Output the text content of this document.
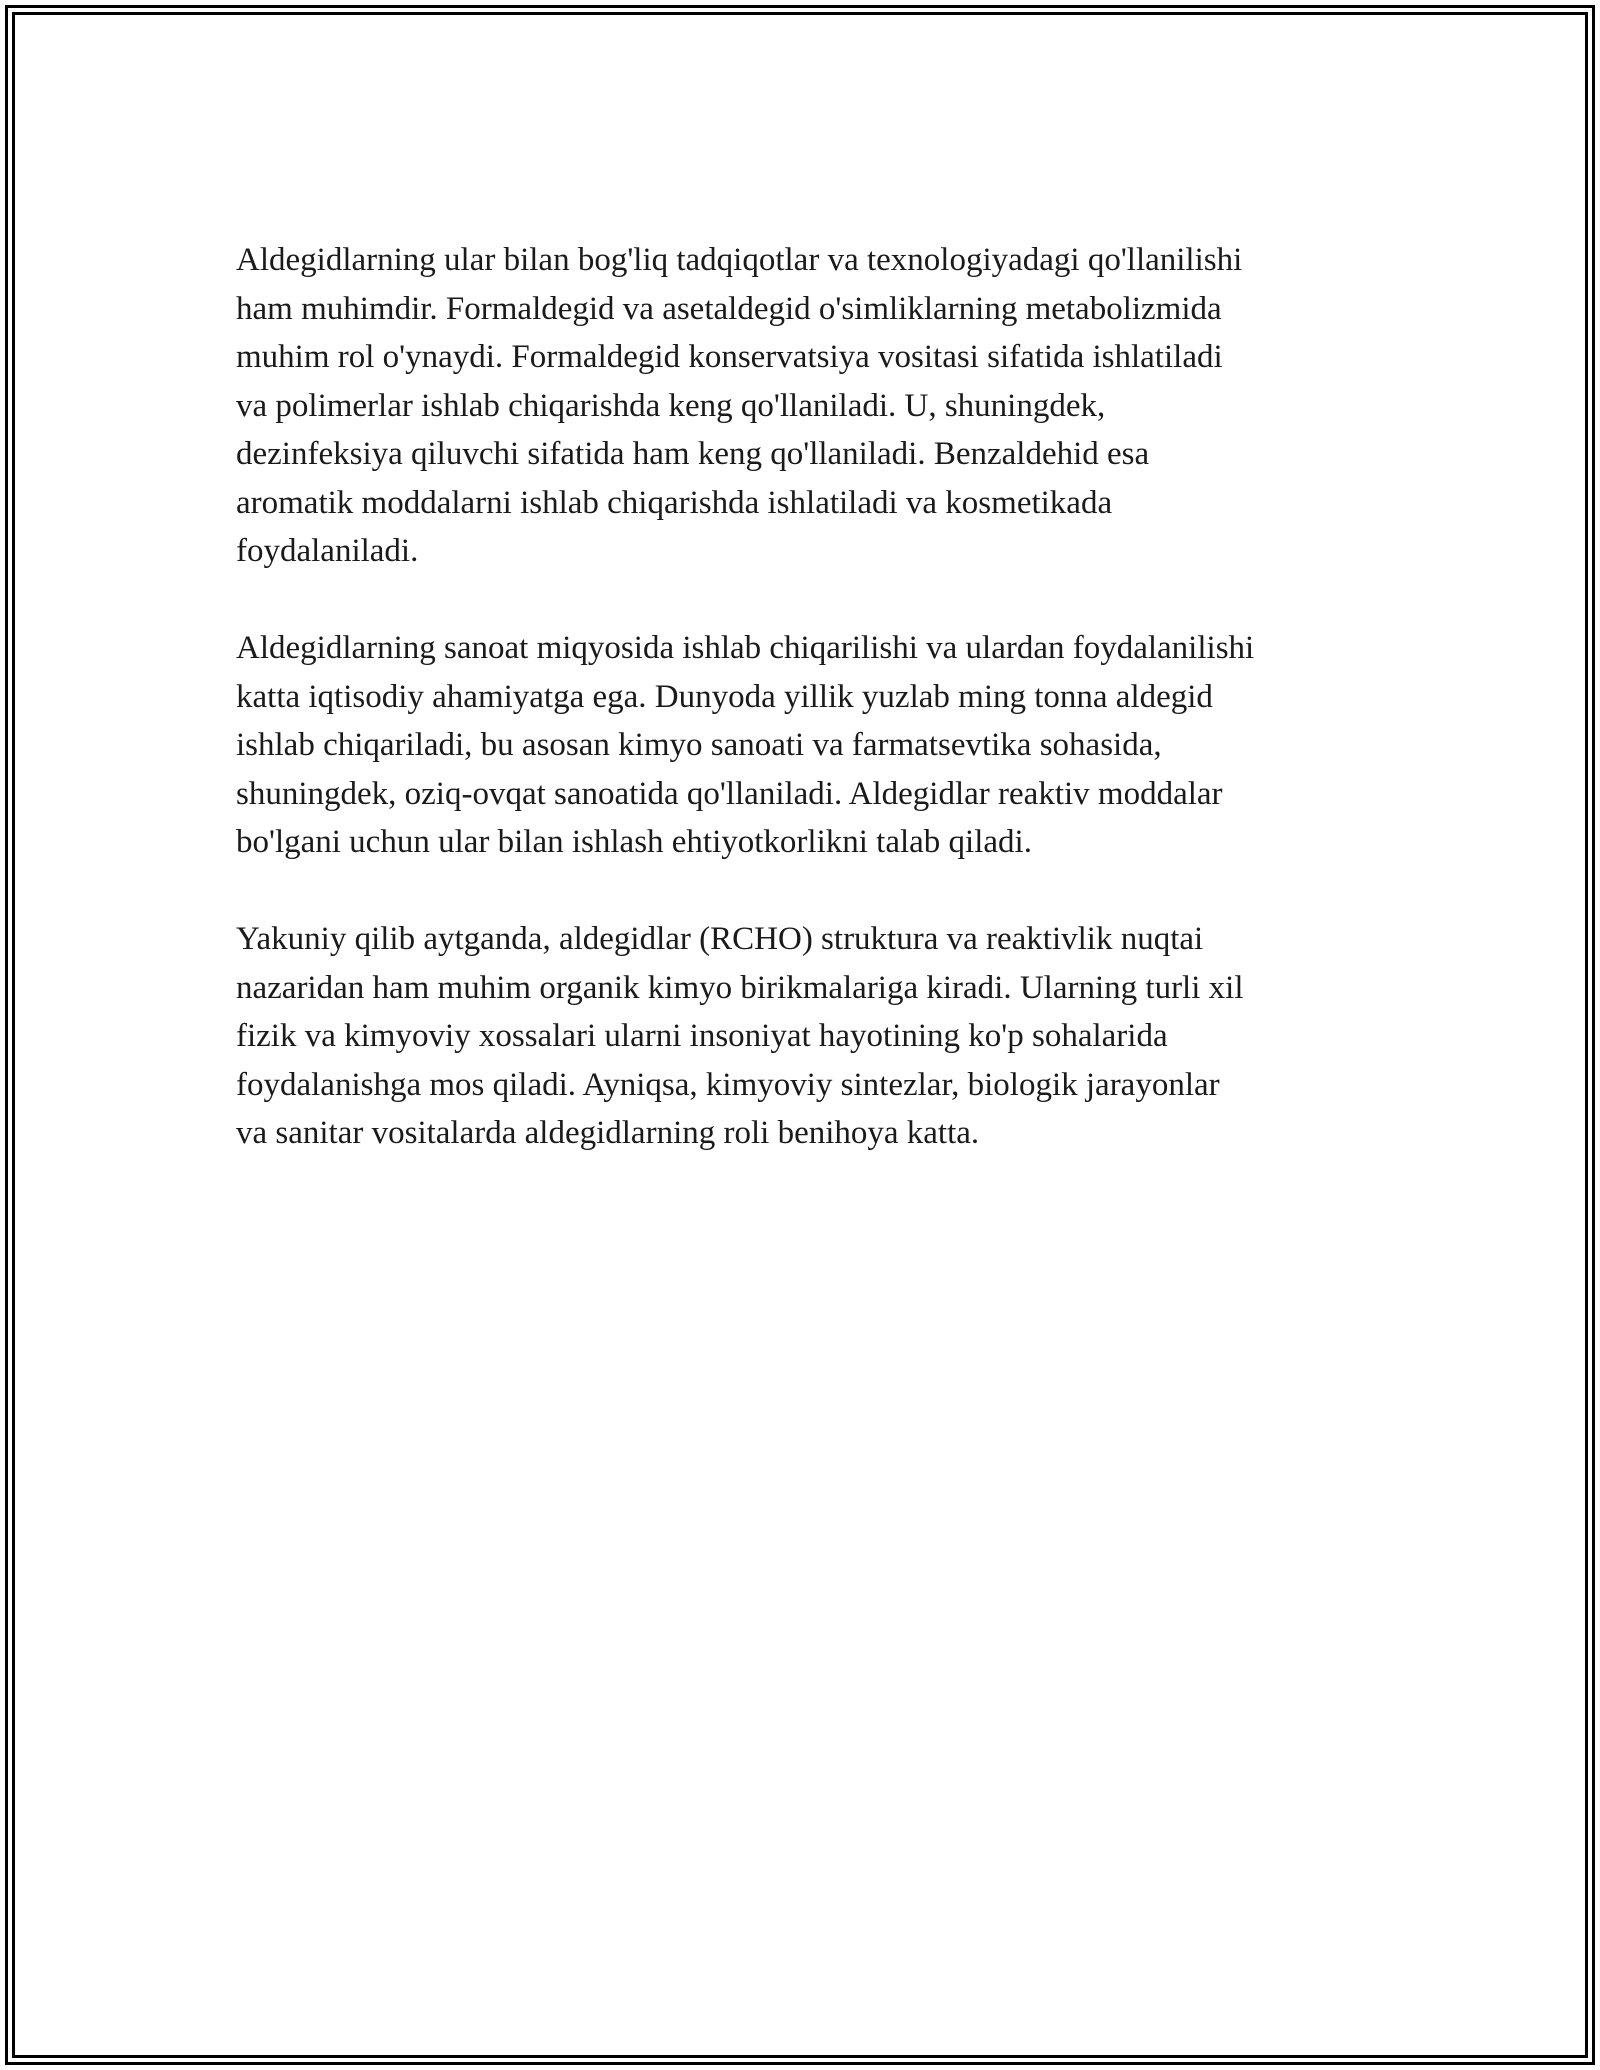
Aldegidlarning ular bilan bog'liq tadqiqotlar va texnologiyadagi qo'llanilishi
ham muhimdir. Formaldegid va asetaldegid o'simliklarning metabolizmida
muhim rol o'ynaydi. Formaldegid konservatsiya vositasi sifatida ishlatiladi
va polimerlar ishlab chiqarishda keng qo'llaniladi. U, shuningdek,
dezinfeksiya qiluvchi sifatida ham keng qo'llaniladi. Benzaldehid esa
aromatik moddalarni ishlab chiqarishda ishlatiladi va kosmetikada
foydalaniladi.

Aldegidlarning sanoat miqyosida ishlab chiqarilishi va ulardan foydalanilishi
katta iqtisodiy ahamiyatga ega. Dunyoda yillik yuzlab ming tonna aldegid
ishlab chiqariladi, bu asosan kimyo sanoati va farmatsevtika sohasida,
shuningdek, oziq-ovqat sanoatida qo'llaniladi. Aldegidlar reaktiv moddalar
bo'lgani uchun ular bilan ishlash ehtiyotkorlikni talab qiladi.

Yakuniy qilib aytganda, aldegidlar (RCHO) struktura va reaktivlik nuqtai
nazaridan ham muhim organik kimyo birikmalariga kiradi. Ularning turli xil
fizik va kimyoviy xossalari ularni insoniyat hayotining ko'p sohalarida
foydalanishga mos qiladi. Ayniqsa, kimyoviy sintezlar, biologik jarayonlar
va sanitar vositalarda aldegidlarning roli benihoya katta.
